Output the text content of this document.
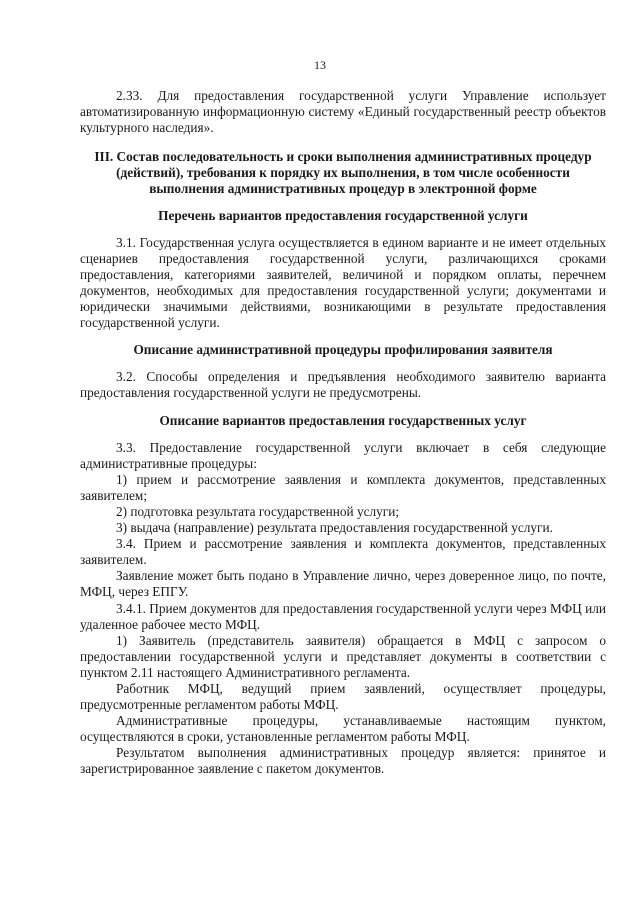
13

2.33. Для предоставления государственной услуги Управление использует автоматизированную информационную систему «Единый государственный реестр объектов культурного наследия».

III. Состав последовательность и сроки выполнения административных процедур (действий), требования к порядку их выполнения, в том числе особенности выполнения административных процедур в электронной форме
Перечень вариантов предоставления государственной услуги

3.1. Государственная услуга осуществляется в едином варианте и не имеет отдельных сценариев предоставления государственной услуги, различающихся сроками предоставления, категориями заявителей, величиной и порядком оплаты, перечнем документов, необходимых для предоставления государственной услуги; документами и юридически значимыми действиями, возникающими в результате предоставления государственной услуги.

Описание административной процедуры профилирования заявителя

3.2. Способы определения и предъявления необходимого заявителю варианта предоставления государственной услуги не предусмотрены.

Описание вариантов предоставления государственных услуг

3.3. Предоставление государственной услуги включает в себя следующие административные процедуры:

1) прием и рассмотрение заявления и комплекта документов, представленных заявителем;

2) подготовка результата государственной услуги;

3) выдача (направление) результата предоставления государственной услуги.

3.4. Прием и рассмотрение заявления и комплекта документов, представленных заявителем.

Заявление может быть подано в Управление лично, через доверенное лицо, по почте, МФЦ, через ЕПГУ.

3.4.1. Прием документов для предоставления государственной услуги через МФЦ или удаленное рабочее место МФЦ.

1) Заявитель (представитель заявителя) обращается в МФЦ с запросом о предоставлении государственной услуги и представляет документы в соответствии с пунктом 2.11 настоящего Административного регламента.

Работник МФЦ, ведущий прием заявлений, осуществляет процедуры, предусмотренные регламентом работы МФЦ.

Административные процедуры, устанавливаемые настоящим пунктом, осуществляются в сроки, установленные регламентом работы МФЦ.

Результатом выполнения административных процедур является: принятое и зарегистрированное заявление с пакетом документов.
